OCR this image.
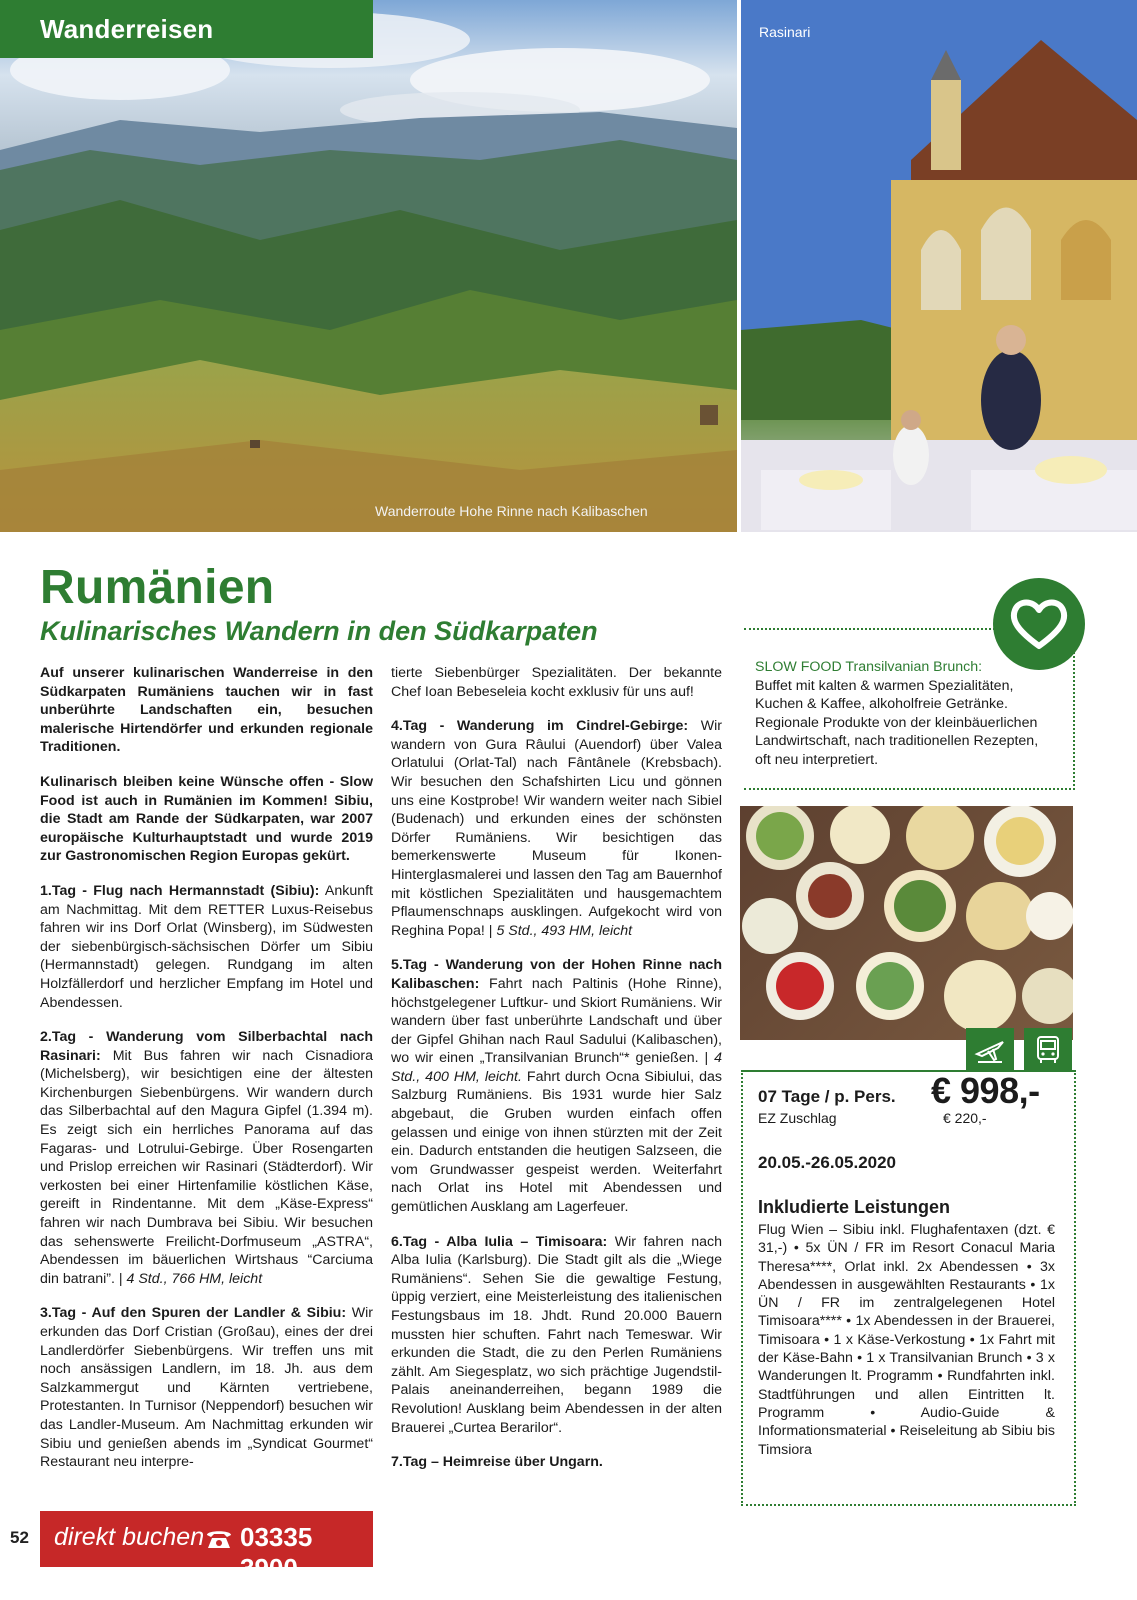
Wanderreisen
Wanderroute Hohe Rinne nach Kalibaschen
Rasinari
Rumänien
Kulinarisches Wandern in den Südkarpaten

Auf unserer kulinarischen Wanderreise in den Südkarpaten Rumäniens tauchen wir in fast unberührte Landschaften ein, besuchen malerische Hirtendörfer und erkunden regionale Traditionen.

Kulinarisch bleiben keine Wünsche offen - Slow Food ist auch in Rumänien im Kommen! Sibiu, die Stadt am Rande der Südkarpaten, war 2007 europäische Kulturhauptstadt und wurde 2019 zur Gastronomischen Region Europas gekürt.

1.Tag - Flug nach Hermannstadt (Sibiu): Ankunft am Nachmittag. Mit dem RETTER Luxus-Reisebus fahren wir ins Dorf Orlat (Winsberg), im Südwesten der siebenbürgisch-sächsischen Dörfer um Sibiu (Hermannstadt) gelegen. Rundgang im alten Holzfällerdorf und herzlicher Empfang im Hotel und Abendessen.

2.Tag - Wanderung vom Silberbachtal nach Rasinari: Mit Bus fahren wir nach Cisnadiora (Michelsberg), wir besichtigen eine der ältesten Kirchenburgen Siebenbürgens. Wir wandern durch das Silberbachtal auf den Magura Gipfel (1.394 m). Es zeigt sich ein herrliches Panorama auf das Fagaras- und Lotrului-Gebirge. Über Rosengarten und Prislop erreichen wir Rasinari (Städterdorf). Wir verkosten bei einer Hirtenfamilie köstlichen Käse, gereift in Rindentanne. Mit dem „Käse-Express“ fahren wir nach Dumbrava bei Sibiu. Wir besuchen das sehenswerte Freilicht-Dorfmuseum „ASTRA“, Abendessen im bäuerlichen Wirtshaus “Carciuma din batrani”. | 4 Std., 766 HM, leicht

3.Tag - Auf den Spuren der Landler & Sibiu: Wir erkunden das Dorf Cristian (Großau), eines der drei Landlerdörfer Siebenbürgens. Wir treffen uns mit noch ansässigen Landlern, im 18. Jh. aus dem Salzkammergut und Kärnten vertriebene, Protestanten. In Turnisor (Neppendorf) besuchen wir das Landler-Museum. Am Nachmittag erkunden wir Sibiu und genießen abends im „Syndicat Gourmet“ Restaurant neu interpre-

tierte Siebenbürger Spezialitäten. Der bekannte Chef Ioan Bebeseleia kocht exklusiv für uns auf!

4.Tag - Wanderung im Cindrel-Gebirge: Wir wandern von Gura Râului (Auendorf) über Valea Orlatului (Orlat-Tal) nach Fântânele (Krebsbach). Wir besuchen den Schafshirten Licu und gönnen uns eine Kostprobe! Wir wandern weiter nach Sibiel (Budenach) und erkunden eines der schönsten Dörfer Rumäniens. Wir besichtigen das bemerkenswerte Museum für Ikonen-Hinterglasmalerei und lassen den Tag am Bauernhof mit köstlichen Spezialitäten und hausgemachtem Pflaumenschnaps ausklingen. Aufgekocht wird von Reghina Popa! | 5 Std., 493 HM, leicht

5.Tag - Wanderung von der Hohen Rinne nach Kalibaschen: Fahrt nach Paltinis (Hohe Rinne), höchstgelegener Luftkur- und Skiort Rumäniens. Wir wandern über fast unberührte Landschaft und über der Gipfel Ghihan nach Raul Sadului (Kalibaschen), wo wir einen „Transilvanian Brunch“* genießen. | 4 Std., 400 HM, leicht. Fahrt durch Ocna Sibiului, das Salzburg Rumäniens. Bis 1931 wurde hier Salz abgebaut, die Gruben wurden einfach offen gelassen und einige von ihnen stürzten mit der Zeit ein. Dadurch entstanden die heutigen Salzseen, die vom Grundwasser gespeist werden. Weiterfahrt nach Orlat ins Hotel mit Abendessen und gemütlichen Ausklang am Lagerfeuer.

6.Tag - Alba Iulia – Timisoara: Wir fahren nach Alba Iulia (Karlsburg). Die Stadt gilt als die „Wiege Rumäniens“. Sehen Sie die gewaltige Festung, üppig verziert, eine Meisterleistung des italienischen Festungsbaus im 18. Jhdt. Rund 20.000 Bauern mussten hier schuften. Fahrt nach Temeswar. Wir erkunden die Stadt, die zu den Perlen Rumäniens zählt. Am Siegesplatz, wo sich prächtige Jugendstil-Palais aneinanderreihen, begann 1989 die Revolution! Ausklang beim Abendessen in der alten Brauerei „Curtea Berarilor“.

7.Tag – Heimreise über Ungarn.

SLOW FOOD Transilvanian Brunch:
Buffet mit kalten & warmen Spezialitäten, Kuchen & Kaffee, alkoholfreie Getränke. Regionale Produkte von der kleinbäuerlichen Landwirtschaft, nach traditionellen Rezepten, oft neu interpretiert.
07 Tage / p. Pers. € 998,-
EZ Zuschlag	€ 220,-
20.05.-26.05.2020
Inkludierte Leistungen
Flug Wien – Sibiu inkl. Flughafentaxen (dzt. € 31,-) • 5x ÜN / FR im Resort Conacul Maria Theresa****, Orlat inkl. 2x Abendessen • 3x Abendessen in ausgewählten Restaurants • 1x ÜN / FR im zentralgelegenen Hotel Timisoara**** • 1x Abendessen in der Brauerei, Timisoara • 1 x Käse-Verkostung • 1x Fahrt mit der Käse-Bahn • 1 x Transilvanian Brunch • 3 x Wanderungen lt. Programm • Rundfahrten inkl. Stadtführungen und allen Eintritten lt. Programm • Audio-Guide & Informationsmaterial • Reiseleitung ab Sibiu bis Timsiora
52 direkt buchen 03335 3900
